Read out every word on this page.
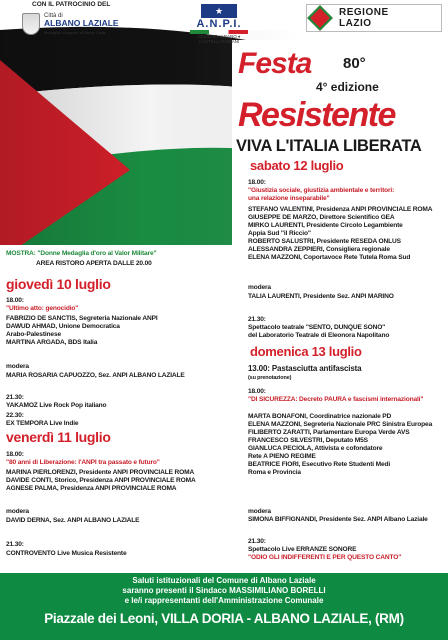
CON IL PATROCINIO DEL
Città di
ALBANO LAZIALE
Medaglia d'Argento al Merito Civile
★
A.N.P.I.
SEZIONE ALBANO ♦ CASTELLI ROMANI
REGIONE
LAZIO
Festa 80°
4° edizione
Resistente
VIVA L'ITALIA LIBERATA
sabato 12 luglio
18.00:
"Giustizia sociale, giustizia ambientale e territori:
una relazione inseparabile"
STEFANO VALENTINI, Presidenza ANPI PROVINCIALE ROMA
GIUSEPPE DE MARZO, Direttore Scientifico GEA
MIRKO LAURENTI, Presidente Circolo Legambiente
Appia Sud "il Riccio"
ROBERTO SALUSTRI, Presidente RESEDA ONLUS
ALESSANDRA ZEPPIERI, Consigliera regionale
ELENA MAZZONI, Coportavoce Rete Tutela Roma Sud
modera
TALIA LAURENTI, Presidente Sez. ANPI MARINO
21.30:
Spettacolo teatrale "SENTO, DUNQUE SONO"
del Laboratorio Teatrale di Eleonora Napolitano
domenica 13 luglio
13.00: Pastasciutta antifascista
(su prenotazione)
18.00:
"DI SICUREZZA: Decreto PAURA e fascismi internazionali"
MARTA BONAFONI, Coordinatrice nazionale PD
ELENA MAZZONI, Segreteria Nazionale PRC Sinistra Europea
FILIBERTO ZARATTI, Parlamentare Europa Verde AVS
FRANCESCO SILVESTRI, Deputato M5S
GIANLUCA PECIOLA, Attivista e cofondatore
Rete A PIENO REGIME
BEATRICE FIORI, Esecutivo Rete Studenti Medi
Roma e Provincia
modera
SIMONA BIFFIGNANDI, Presidente Sez. ANPI Albano Laziale
21.30:
Spettacolo Live ERRANZE SONORE
"ODIO GLI INDIFFERENTI E PER QUESTO CANTO"
MOSTRA: "Donne Medaglia d'oro al Valor Militare"
AREA RISTORO APERTA DALLE 20.00
giovedì 10 luglio
18.00:
"Ultimo atto: genocidio"
FABRIZIO DE SANCTIS, Segreteria Nazionale ANPI
DAWUD AHMAD, Unione Democratica
Arabo-Palestinese
MARTINA ARGADA, BDS Italia
modera
MARIA ROSARIA CAPUOZZO, Sez. ANPI ALBANO LAZIALE
21.30:
YAKAMOZ Live Rock Pop italiano
22.30:
EX TEMPORA Live Indie
venerdì 11 luglio
18.00:
"80 anni di Liberazione: l'ANPI tra passato e futuro"
MARINA PIERLORENZI, Presidente ANPI PROVINCIALE ROMA
DAVIDE CONTI, Storico, Presidenza ANPI PROVINCIALE ROMA
AGNESE PALMA, Presidenza ANPI PROVINCIALE ROMA
modera
DAVID DERNA, Sez. ANPI ALBANO LAZIALE
21.30:
CONTROVENTO Live Musica Resistente
Saluti istituzionali del Comune di Albano Laziale
saranno presenti il Sindaco MASSIMILIANO BORELLI
e le/i rappresentanti dell'Amministrazione Comunale
Piazzale dei Leoni, VILLA DORIA - ALBANO LAZIALE, (RM)
